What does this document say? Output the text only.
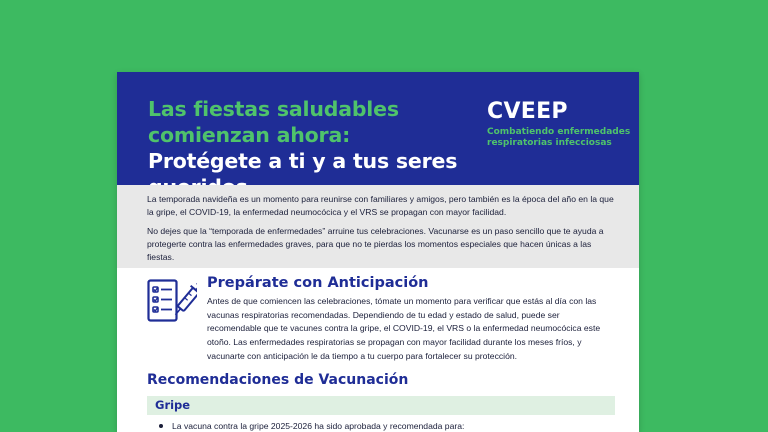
Las fiestas saludables comienzan ahora: Protégete a ti y a tus seres
CVEEP
Combatiendo enfermedades respiratorias infecciosas

La temporada navideña es un momento para reunirse con familiares y amigos, pero también es la época del año en la que la gripe, el COVID-19, la enfermedad neumocócica y el VRS se propagan con mayor facilidad.

No dejes que la “temporada de enfermedades” arruine tus celebraciones. Vacunarse es un paso sencillo que te ayuda a protegerte contra las enfermedades graves, para que no te pierdas los momentos especiales que hacen únicas a las fiestas.

Prepárate con Anticipación
Antes de que comiencen las celebraciones, tómate un momento para verificar que estás al día con las vacunas respiratorias recomendadas. Dependiendo de tu edad y estado de salud, puede ser recomendable que te vacunes contra la gripe, el COVID-19, el VRS o la enfermedad neumocócica este otoño. Las enfermedades respiratorias se propagan con mayor facilidad durante los meses fríos, y vacunarte con anticipación le da tiempo a tu cuerpo para fortalecer su protección.
Recomendaciones de Vacunación
Gripe
La vacuna contra la gripe 2025-2026 ha sido aprobada y recomendada para:
